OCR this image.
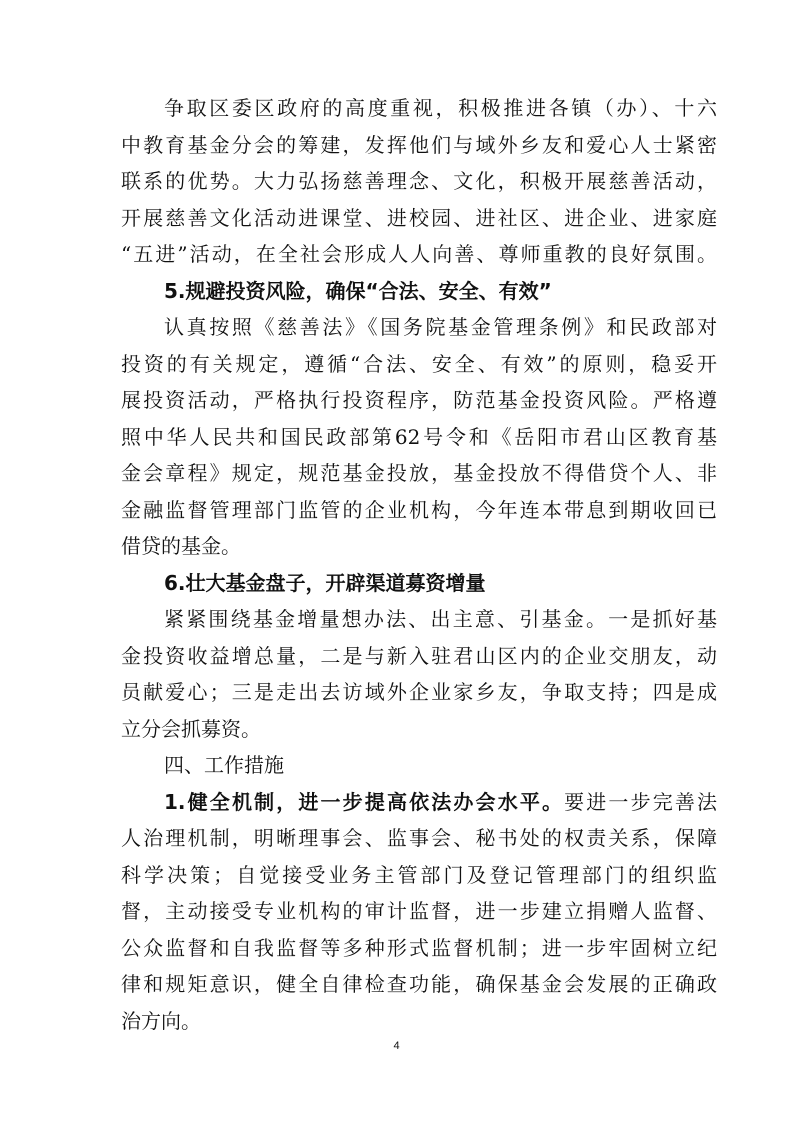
争取区委区政府的高度重视，积极推进各镇（办）、十六
中教育基金分会的筹建，发挥他们与域外乡友和爱心人士紧密
联系的优势。大力弘扬慈善理念、文化，积极开展慈善活动，
开展慈善文化活动进课堂、进校园、进社区、进企业、进家庭
“五进”活动，在全社会形成人人向善、尊师重教的良好氛围。
5.规避投资风险，确保“合法、安全、有效”
认真按照《慈善法》《国务院基金管理条例》和民政部对
投资的有关规定，遵循“合法、安全、有效”的原则，稳妥开
展投资活动，严格执行投资程序，防范基金投资风险。严格遵
照中华人民共和国民政部第62号令和《岳阳市君山区教育基
金会章程》规定，规范基金投放，基金投放不得借贷个人、非
金融监督管理部门监管的企业机构，今年连本带息到期收回已
借贷的基金。
6.壮大基金盘子，开辟渠道募资增量
紧紧围绕基金增量想办法、出主意、引基金。一是抓好基
金投资收益增总量，二是与新入驻君山区内的企业交朋友，动
员献爱心；三是走出去访域外企业家乡友，争取支持；四是成
立分会抓募资。
四、工作措施
1.健全机制，进一步提高依法办会水平。要进一步完善法
人治理机制，明晰理事会、监事会、秘书处的权责关系，保障
科学决策；自觉接受业务主管部门及登记管理部门的组织监
督，主动接受专业机构的审计监督，进一步建立捐赠人监督、
公众监督和自我监督等多种形式监督机制；进一步牢固树立纪
律和规矩意识，健全自律检查功能，确保基金会发展的正确政
治方向。
4
